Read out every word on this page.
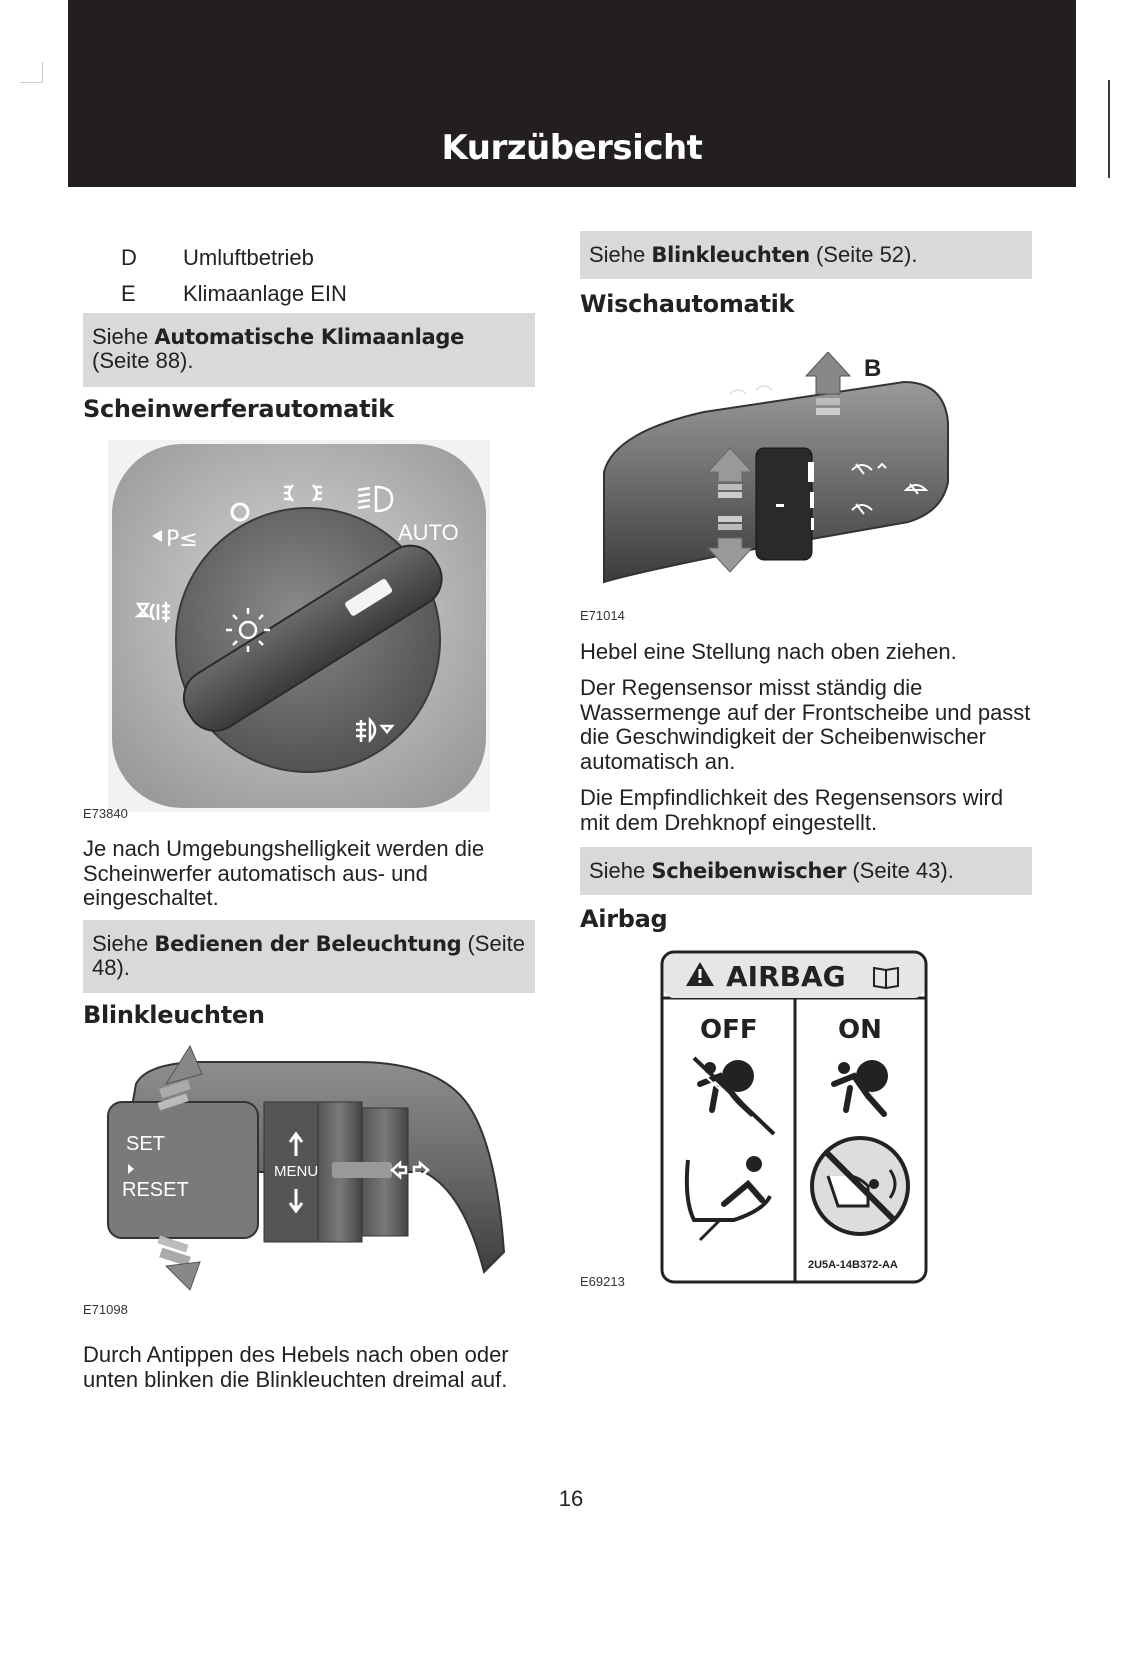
Kurzübersicht
D	Umluftbetrieb
E	Klimaanlage EIN
Siehe Automatische Klimaanlage
(Seite 88).
Scheinwerferautomatik
AUTO
P≤
E73840
Je nach Umgebungshelligkeit werden die Scheinwerfer automatisch aus- und eingeschaltet.
Siehe Bedienen der Beleuchtung (Seite 48).
Blinkleuchten
SET
RESET
MENU
E71098
Durch Antippen des Hebels nach oben oder unten blinken die Blinkleuchten dreimal auf.
Siehe Blinkleuchten (Seite 52).
Wischautomatik
B
E71014
Hebel eine Stellung nach oben ziehen.
Der Regensensor misst ständig die Wassermenge auf der Frontscheibe und passt die Geschwindigkeit der Scheibenwischer automatisch an.
Die Empfindlichkeit des Regensensors wird mit dem Drehknopf eingestellt.
Siehe Scheibenwischer (Seite 43).
Airbag
AIRBAG
OFF	ON
2U5A-14B372-AA
E69213
16
